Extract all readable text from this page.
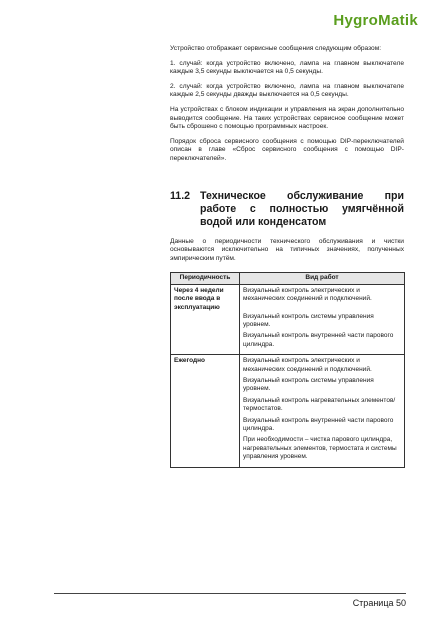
HygroMatik

Устройство отображает сервисные сообщения следующим образом:

1. случай: когда устройство включено, лампа на главном выключателе каждые 3,5 секунды выключается на 0,5 секунды.

2. случай: когда устройство включено, лампа на главном выключателе каждые 2,5 секунды дважды выключается на 0,5 секунды.

На устройствах с блоком индикации и управления на экран дополнительно выводится сообщение. На таких устройствах сервисное сообщение может быть сброшено с помощью программных настроек.

Порядок сброса сервисного сообщения с помощью DIP-переключателей описан в главе «Сброс сервисного сообщения с помощью DIP-переключателей».

11.2 Техническое обслуживание при работе с полностью умягчённой водой или конденсатом

Данные о периодичности технического обслуживания и чистки основываются исключительно на типичных значениях, полученных эмпирическим путём.

Периодичность	Вид работ
Через 4 недели после ввода в эксплуатацию	Визуальный контроль электрических и механических соединений и подключений.
Визуальный контроль системы управления уровнем.
Визуальный контроль внутренней части парового цилиндра.

Ежегодно	Визуальный контроль электрических и механических соединений и подключений.
Визуальный контроль системы управления уровнем.
Визуальный контроль нагревательных элементов/термостатов.
Визуальный контроль внутренней части парового цилиндра.
При необходимости – чистка парового цилиндра, нагревательных элементов, термостата и системы управления уровнем.
Страница 50
